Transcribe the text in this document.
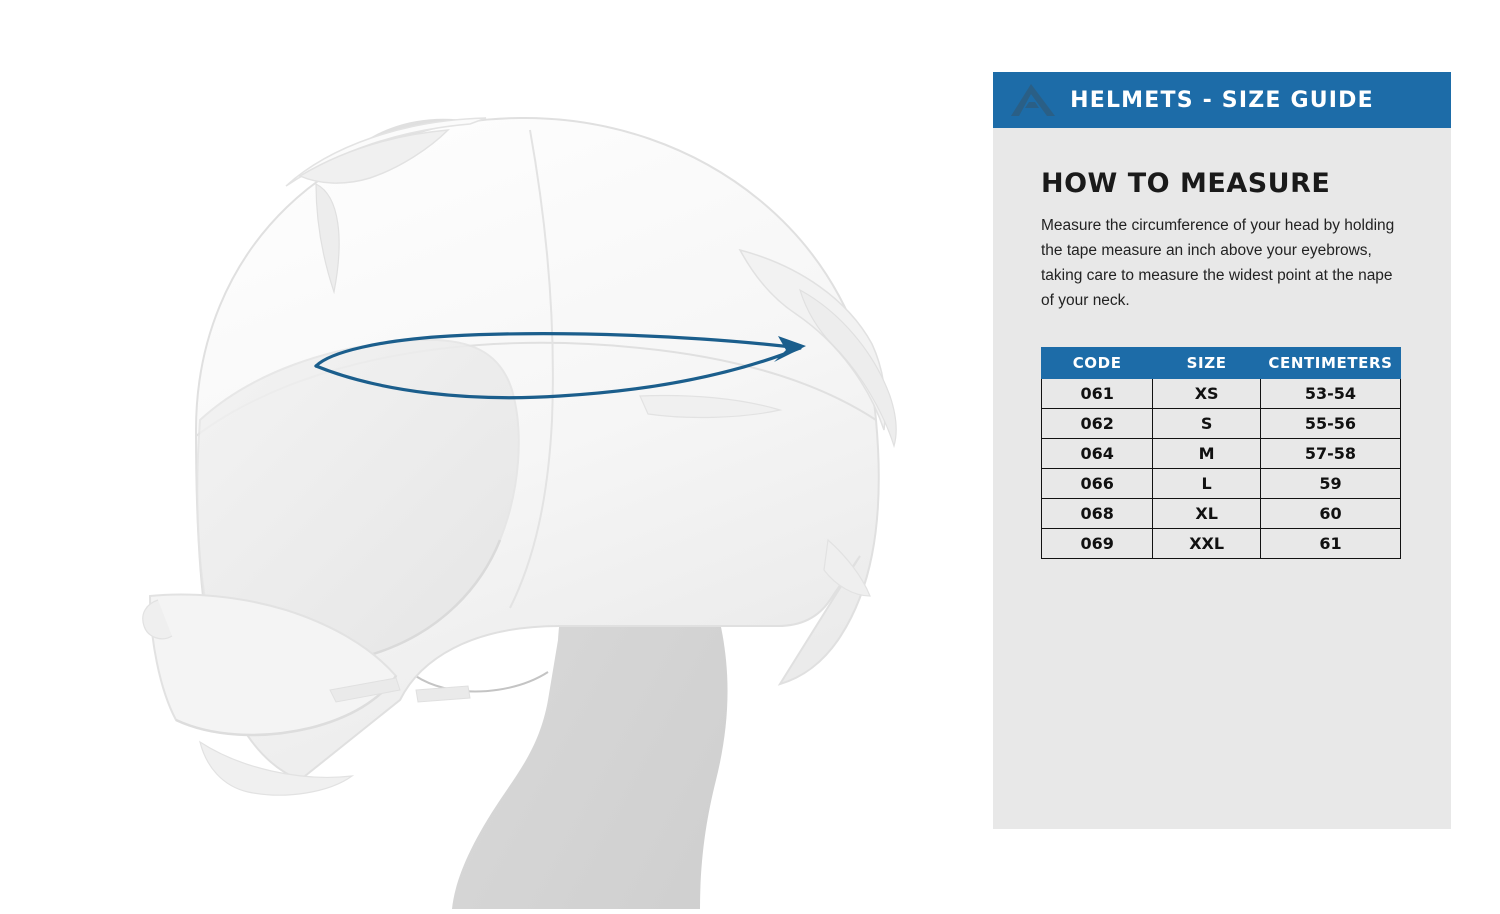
HELMETS - SIZE GUIDE
HOW TO MEASURE

Measure the circumference of your head by holding the tape measure an inch above your eyebrows, taking care to measure the widest point at the nape of your neck.

CODE	SIZE	CENTIMETERS
061	XS	53-54
062	S	55-56
064	M	57-58
066	L	59
068	XL	60
069	XXL	61
